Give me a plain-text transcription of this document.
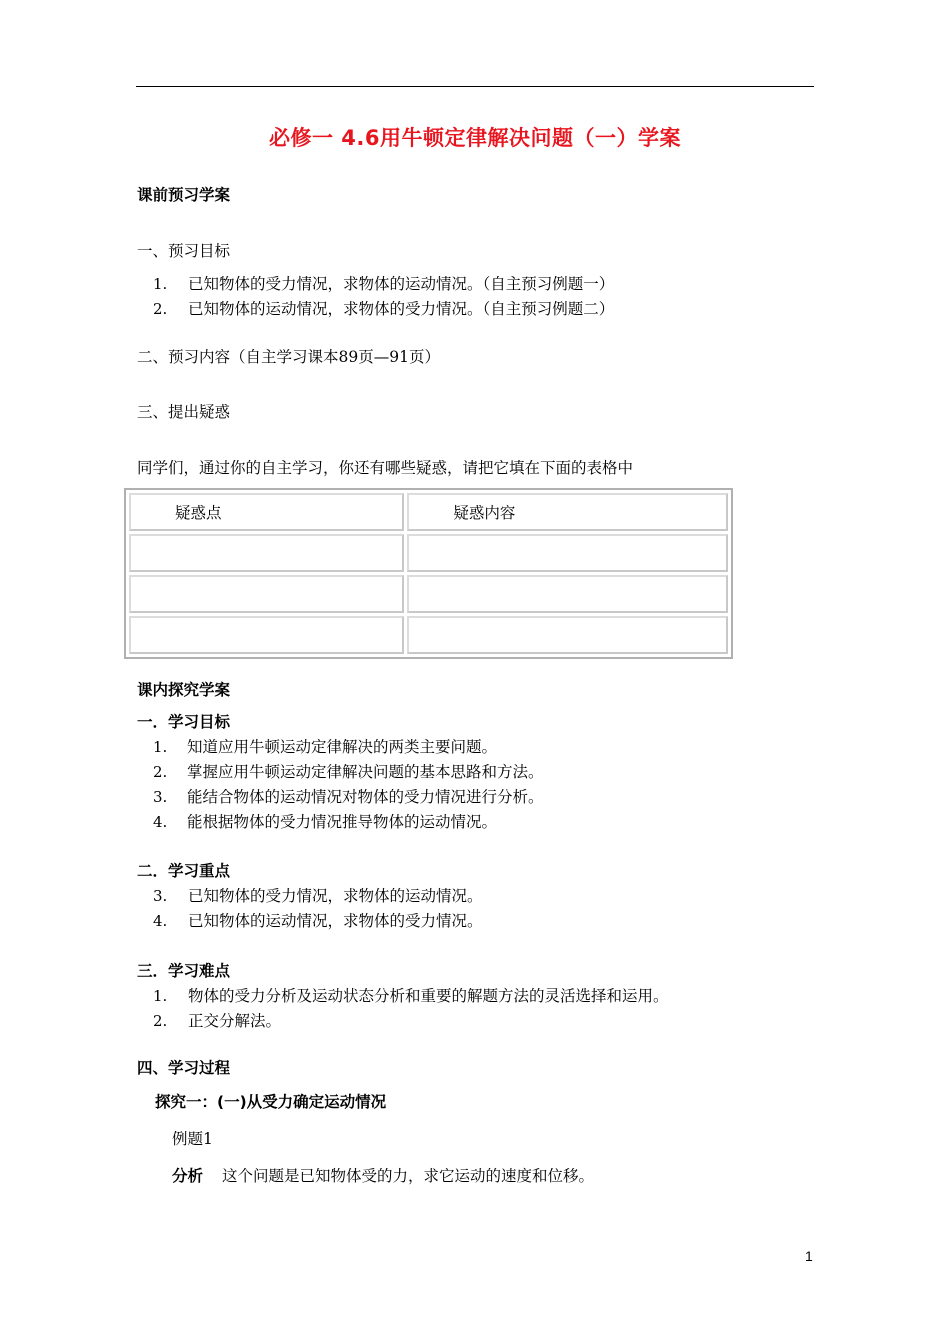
必修一 4.6用牛顿定律解决问题（一）学案
课前预习学案
一、预习目标
1. 已知物体的受力情况，求物体的运动情况。（自主预习例题一）
2. 已知物体的运动情况，求物体的受力情况。（自主预习例题二）
二、预习内容（自主学习课本89页—91页）
三、提出疑惑
同学们，通过你的自主学习，你还有哪些疑惑，请把它填在下面的表格中
疑惑点	疑惑内容

课内探究学案
一．学习目标
1. 知道应用牛顿运动定律解决的两类主要问题。
2. 掌握应用牛顿运动定律解决问题的基本思路和方法。
3. 能结合物体的运动情况对物体的受力情况进行分析。
4. 能根据物体的受力情况推导物体的运动情况。
二．学习重点
3. 已知物体的受力情况，求物体的运动情况。
4. 已知物体的运动情况，求物体的受力情况。
三．学习难点
1. 物体的受力分析及运动状态分析和重要的解题方法的灵活选择和运用。
2. 正交分解法。
四、学习过程
探究一：(一)从受力确定运动情况
例题1
分析 这个问题是已知物体受的力，求它运动的速度和位移。
1
